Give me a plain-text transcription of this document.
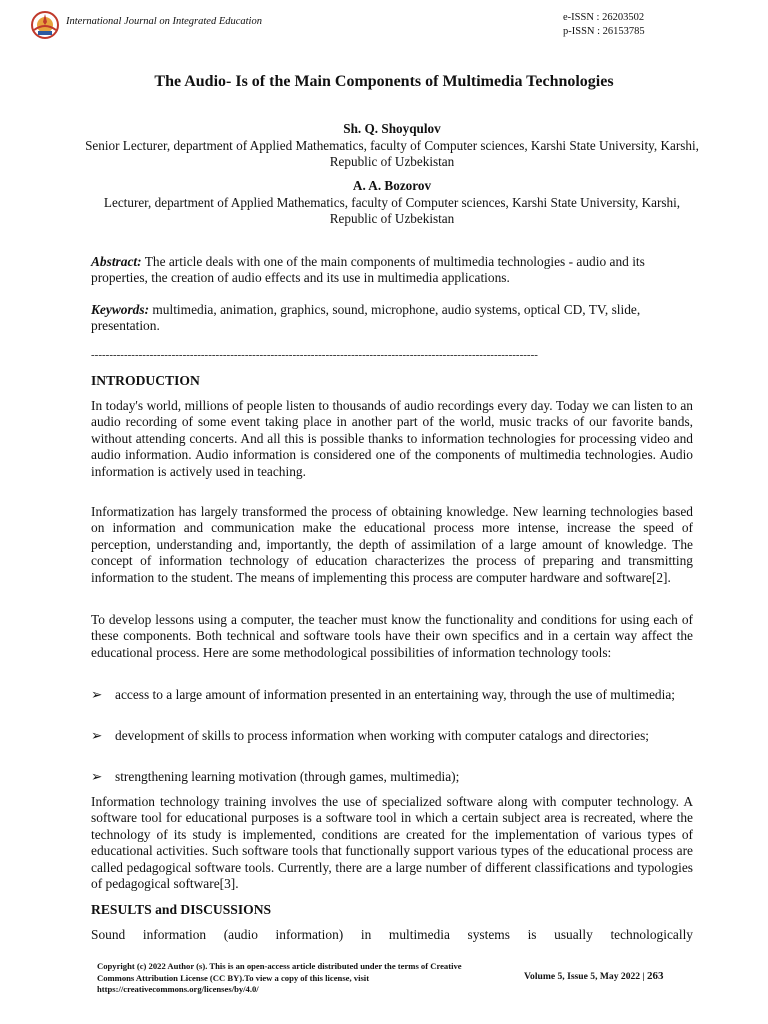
International Journal on Integrated Education	e-ISSN : 26203502
p-ISSN : 26153785
The Audio- Is of the Main Components of Multimedia Technologies
Sh. Q. Shoyqulov
Senior Lecturer, department of Applied Mathematics, faculty of Computer sciences, Karshi State University, Karshi, Republic of Uzbekistan
A. A. Bozorov
Lecturer, department of Applied Mathematics, faculty of Computer sciences, Karshi State University, Karshi, Republic of Uzbekistan
Abstract: The article deals with one of the main components of multimedia technologies - audio and its properties, the creation of audio effects and its use in multimedia applications.
Keywords: multimedia, animation, graphics, sound, microphone, audio systems, optical CD, TV, slide, presentation.
--------------------------------------------------------------------------------------------------------------------------
INTRODUCTION
In today's world, millions of people listen to thousands of audio recordings every day. Today we can listen to an audio recording of some event taking place in another part of the world, music tracks of our favorite bands, without attending concerts. And all this is possible thanks to information technologies for processing video and audio information. Audio information is considered one of the components of multimedia technologies. Audio information is actively used in teaching.
Informatization has largely transformed the process of obtaining knowledge. New learning technologies based on information and communication make the educational process more intense, increase the speed of perception, understanding and, importantly, the depth of assimilation of a large amount of knowledge. The concept of information technology of education characterizes the process of preparing and transmitting information to the student. The means of implementing this process are computer hardware and software[2].
To develop lessons using a computer, the teacher must know the functionality and conditions for using each of these components. Both technical and software tools have their own specifics and in a certain way affect the educational process. Here are some methodological possibilities of information technology tools:
➢ access to a large amount of information presented in an entertaining way, through the use of multimedia;
➢ development of skills to process information when working with computer catalogs and directories;
➢ strengthening learning motivation (through games, multimedia);
Information technology training involves the use of specialized software along with computer technology. A software tool for educational purposes is a software tool in which a certain subject area is recreated, where the technology of its study is implemented, conditions are created for the implementation of various types of educational activities. Such software tools that functionally support various types of the educational process are called pedagogical software tools. Currently, there are a large number of different classifications and typologies of pedagogical software[3].
RESULTS and DISCUSSIONS
Sound information (audio information) in multimedia systems is usually technologically
Copyright (c) 2022 Author (s). This is an open-access article distributed under the terms of Creative Commons Attribution License (CC BY).To view a copy of this license, visit https://creativecommons.org/licenses/by/4.0/
Volume 5, Issue 5, May 2022 | 263
